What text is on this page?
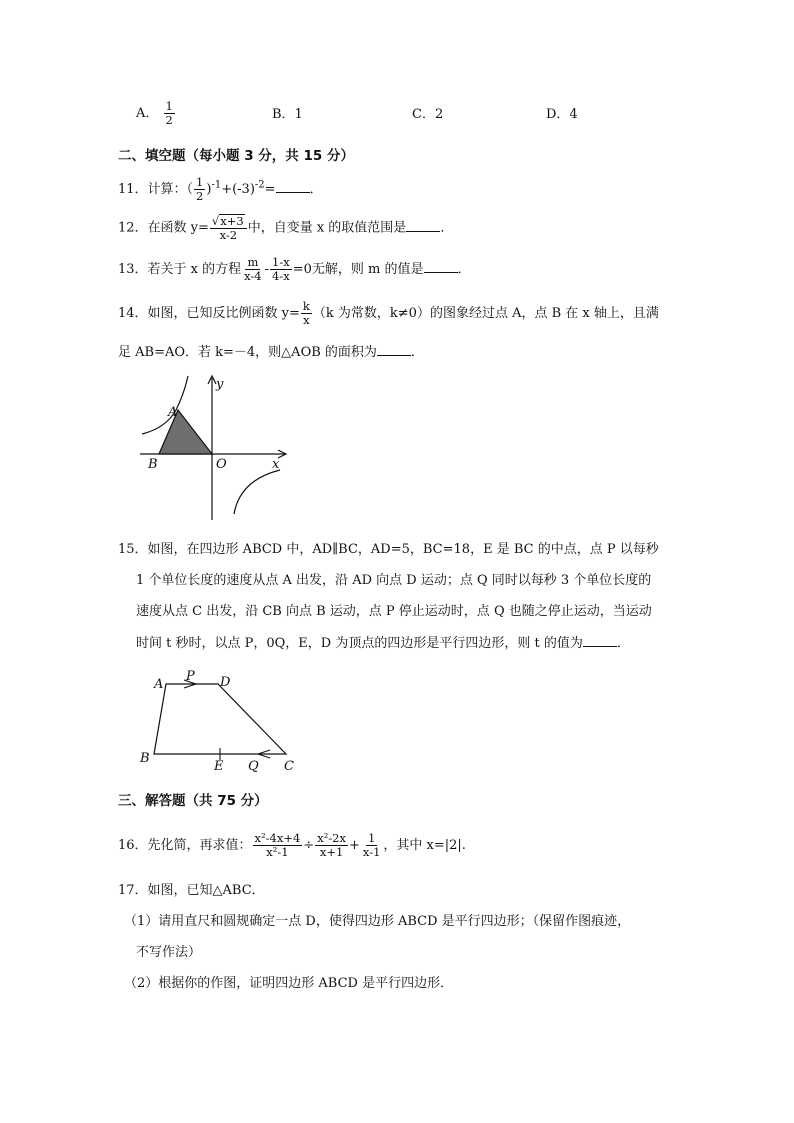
A． $\frac{1}{2}$	B．1	C．2	D．4
二、填空题（每小题 3 分，共 15 分）
11．计算：（ $\frac{1}{2} )^{-1}+(-3)^{-2}=$	．
12．在函数 $y= \frac{√x+3}{x-2}$ 中，自变量 x 的取值范围是	．
13．若关于 x 的方程 $\frac{m}{x-4} - \frac{1-x}{4-x} =0$无解，则 m 的值是	．
14．如图，已知反比例函数 $y= \frac{k}{x} (k$ 为常数，k≠0）的图象经过点 A，点 B 在 x 轴上，且满
足 AB=AO．若 k=－4，则△AOB 的面积为	．
y
x
A
B	O
15．如图，在四边形 ABCD 中，AD∥BC，AD=5，BC=18，E 是 BC 的中点，点 P 以每秒
1 个单位长度的速度从点 A 出发，沿 AD 向点 D 运动；点 Q 同时以每秒 3 个单位长度的
速度从点 C 出发，沿 CB 向点 B 运动，点 P 停止运动时，点 Q 也随之停止运动，当运动
时间 t 秒时，以点 P，0Q，E，D 为顶点的四边形是平行四边形，则 t 的值为	．
A
P D
B
E Q C
三、解答题（共 75 分）
16．先化简，再求值： $\frac{\text{x²-4x+4}}{\text{x²-1}} \div \frac{\text{x²-2x}}{x+1} + \frac{1}{x-1}$ ，其中 x=|2|.
17．如图，已知△ABC．
（1）请用直尺和圆规确定一点 D，使得四边形 ABCD 是平行四边形；（保留作图痕迹，
不写作法）
（2）根据你的作图，证明四边形 ABCD 是平行四边形．
